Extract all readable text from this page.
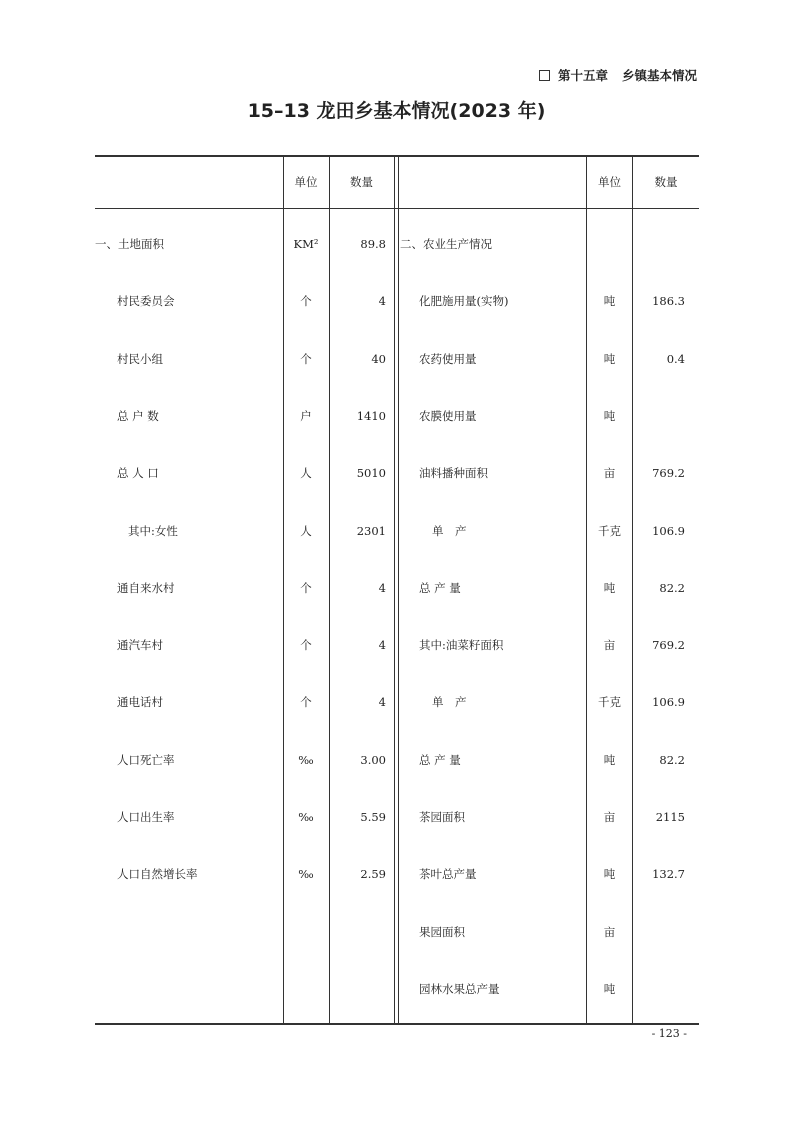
第十五章 乡镇基本情况
15–13 龙田乡基本情况(2023 年)
单位	数量	单位	数量
一、土地面积	KM²	89.8
村民委员会	个	4
村民小组	个	40
总 户 数	户	1410
总 人 口	人	5010
其中:女性	人	2301
通自来水村	个	4
通汽车村	个	4
通电话村	个	4
人口死亡率	‰	3.00
人口出生率	‰	5.59
人口自然增长率	‰	2.59
二、农业生产情况
化肥施用量(实物)	吨	186.3
农药使用量	吨	0.4
农膜使用量	吨
油料播种面积	亩	769.2
单　产	千克	106.9
总 产 量	吨	82.2
其中:油菜籽面积	亩	769.2
单　产	千克	106.9
总 产 量	吨	82.2
茶园面积	亩	2115
茶叶总产量	吨	132.7
果园面积	亩
园林水果总产量	吨
- 123 -
